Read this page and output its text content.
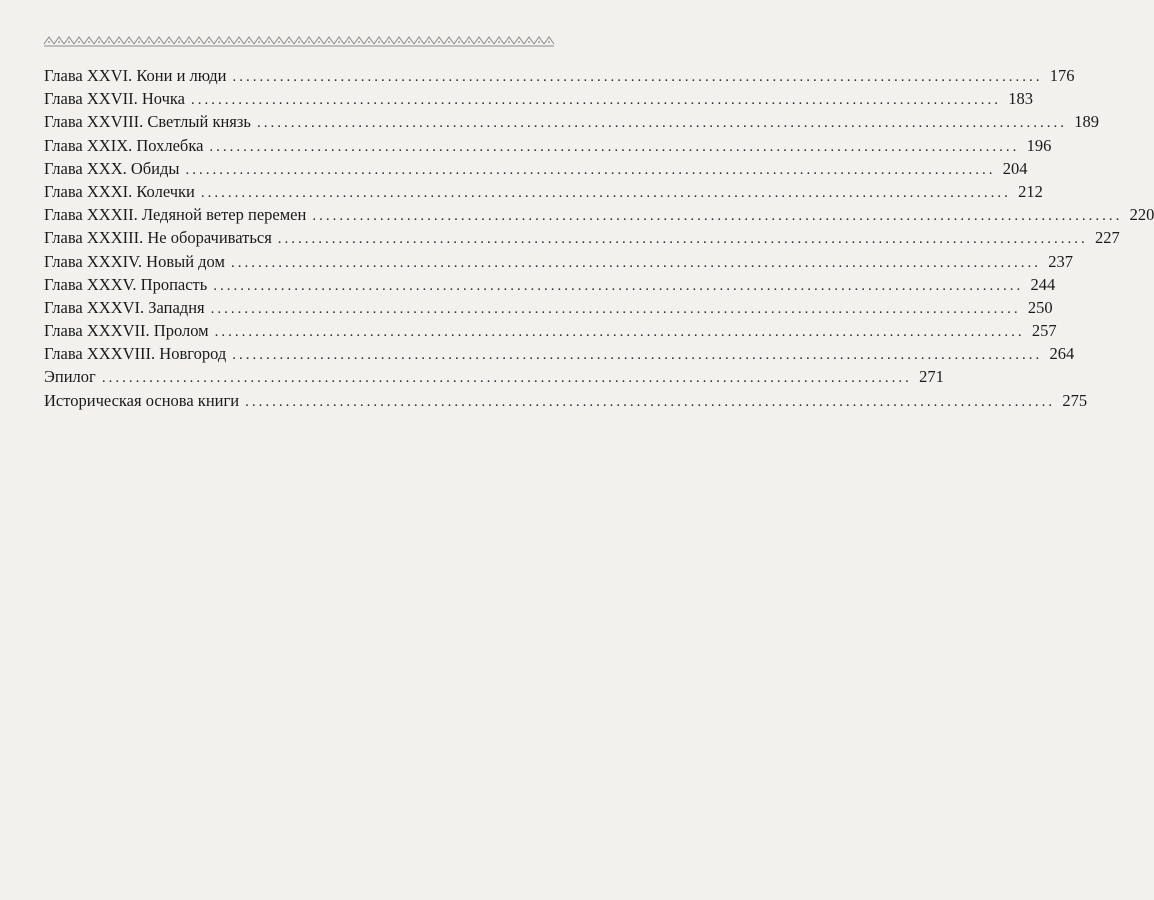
Глава XXVI. Кони и люди ........................................................................................................................ 176
Глава XXVII. Ночка ........................................................................................................................ 183
Глава XXVIII. Светлый князь ........................................................................................................................ 189
Глава XXIX. Похлебка ........................................................................................................................ 196
Глава XXX. Обиды ........................................................................................................................ 204
Глава XXXI. Колечки ........................................................................................................................ 212
Глава XXXII. Ледяной ветер перемен ........................................................................................................................ 220
Глава XXXIII. Не оборачиваться ........................................................................................................................ 227
Глава XXXIV. Новый дом ........................................................................................................................ 237
Глава XXXV. Пропасть ........................................................................................................................ 244
Глава XXXVI. Западня ........................................................................................................................ 250
Глава XXXVII. Пролом ........................................................................................................................ 257
Глава XXXVIII. Новгород ........................................................................................................................ 264
Эпилог ........................................................................................................................ 271
Историческая основа книги ........................................................................................................................ 275
